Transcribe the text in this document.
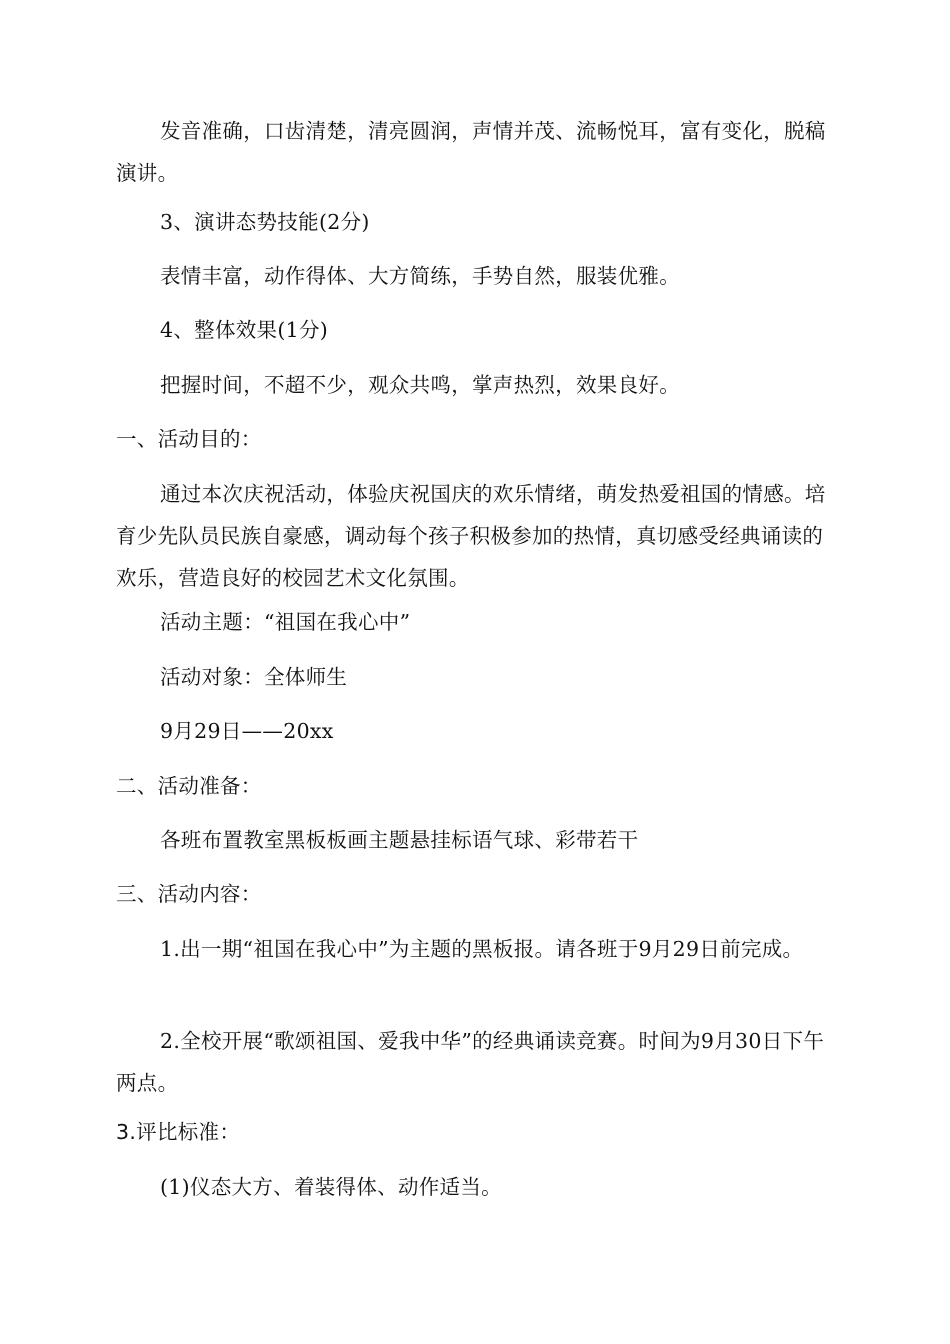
发音准确，口齿清楚，清亮圆润，声情并茂、流畅悦耳，富有变化，脱稿演讲。

3、演讲态势技能(2分)

表情丰富，动作得体、大方简练，手势自然，服装优雅。

4、整体效果(1分)

把握时间，不超不少，观众共鸣，掌声热烈，效果良好。

一、活动目的：

通过本次庆祝活动，体验庆祝国庆的欢乐情绪，萌发热爱祖国的情感。培育少先队员民族自豪感，调动每个孩子积极参加的热情，真切感受经典诵读的欢乐，营造良好的校园艺术文化氛围。

活动主题：“祖国在我心中”

活动对象：全体师生

9月29日——20xx

二、活动准备：

各班布置教室黑板板画主题悬挂标语气球、彩带若干

三、活动内容：

1.出一期“祖国在我心中”为主题的黑板报。请各班于9月29日前完成。

2.全校开展“歌颂祖国、爱我中华”的经典诵读竞赛。时间为9月30日下午两点。

3.评比标准：

(1)仪态大方、着装得体、动作适当。
